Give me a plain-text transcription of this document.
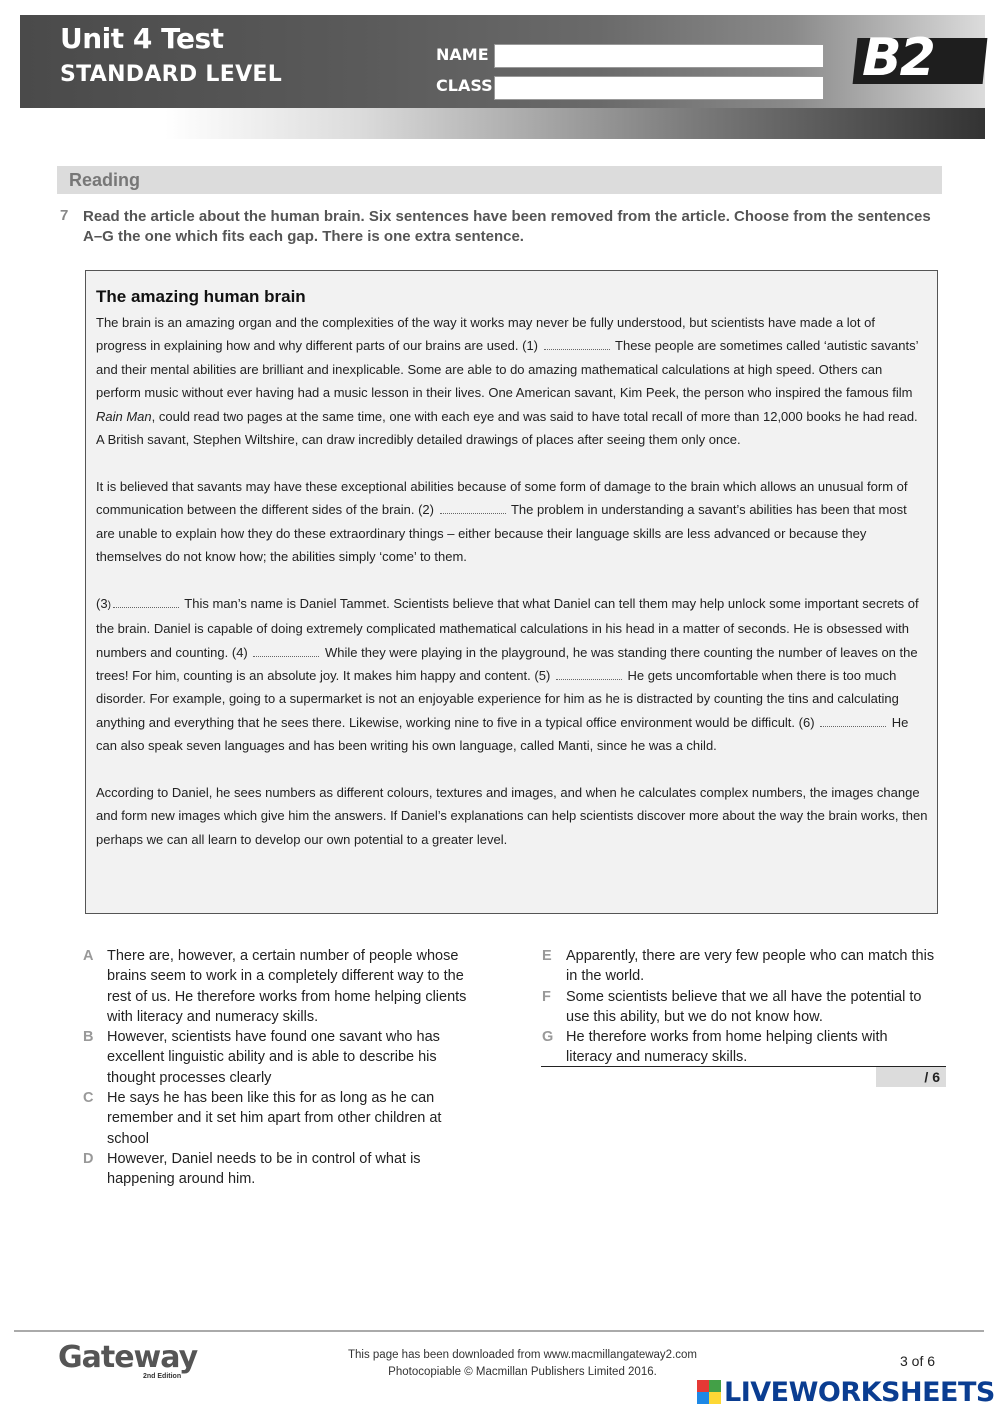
Unit 4 Test
STANDARD LEVEL
NAME
CLASS	B2
Reading
7 Read the article about the human brain. Six sentences have been removed from the article. Choose from the sentences A–G the one which fits each gap. There is one extra sentence.
The amazing human brain

The brain is an amazing organ and the complexities of the way it works may never be fully understood, but scientists have made a lot of progress in explaining how and why different parts of our brains are used. (1)	These people are sometimes called ‘autistic savants’ and their mental abilities are brilliant and inexplicable. Some are able to do amazing mathematical calculations at high speed. Others can perform music without ever having had a music lesson in their lives. One American savant, Kim Peek, the person who inspired the famous film Rain Man, could read two pages at the same time, one with each eye and was said to have total recall of more than 12,000 books he had read. A British savant, Stephen Wiltshire, can draw incredibly detailed drawings of places after seeing them only once.

It is believed that savants may have these exceptional abilities because of some form of damage to the brain which allows an unusual form of communication between the different sides of the brain. (2)	The problem in understanding a savant’s abilities has been that most are unable to explain how they do these extraordinary things – either because their language skills are less advanced or because they themselves do not know how; the abilities simply ‘come’ to them.

(3)	This man’s name is Daniel Tammet. Scientists believe that what Daniel can tell them may help unlock some important secrets of the brain. Daniel is capable of doing extremely complicated mathematical calculations in his head in a matter of seconds. He is obsessed with numbers and counting. (4)	While they were playing in the playground, he was standing there counting the number of leaves on the trees! For him, counting is an absolute joy. It makes him happy and content. (5)	He gets uncomfortable when there is too much disorder. For example, going to a supermarket is not an enjoyable experience for him as he is distracted by counting the tins and calculating anything and everything that he sees there. Likewise, working nine to five in a typical office environment would be difficult. (6)	He can also speak seven languages and has been writing his own language, called Manti, since he was a child.

According to Daniel, he sees numbers as different colours, textures and images, and when he calculates complex numbers, the images change and form new images which give him the answers. If Daniel’s explanations can help scientists discover more about the way the brain works, then perhaps we can all learn to develop our own potential to a greater level.

A There are, however, a certain number of people whose brains seem to work in a completely different way to the rest of us. He therefore works from home helping clients with literacy and numeracy skills.
B However, scientists have found one savant who has excellent linguistic ability and is able to describe his thought processes clearly
C He says he has been like this for as long as he can remember and it set him apart from other children at school
D However, Daniel needs to be in control of what is happening around him.
E Apparently, there are very few people who can match this in the world.
F Some scientists believe that we all have the potential to use this ability, but we do not know how.
G He therefore works from home helping clients with literacy and numeracy skills.
/ 6
Gateway
2nd Edition
This page has been downloaded from www.macmillangateway2.com
Photocopiable © Macmillan Publishers Limited 2016.
3 of 6
LIVEWORKSHEETS
